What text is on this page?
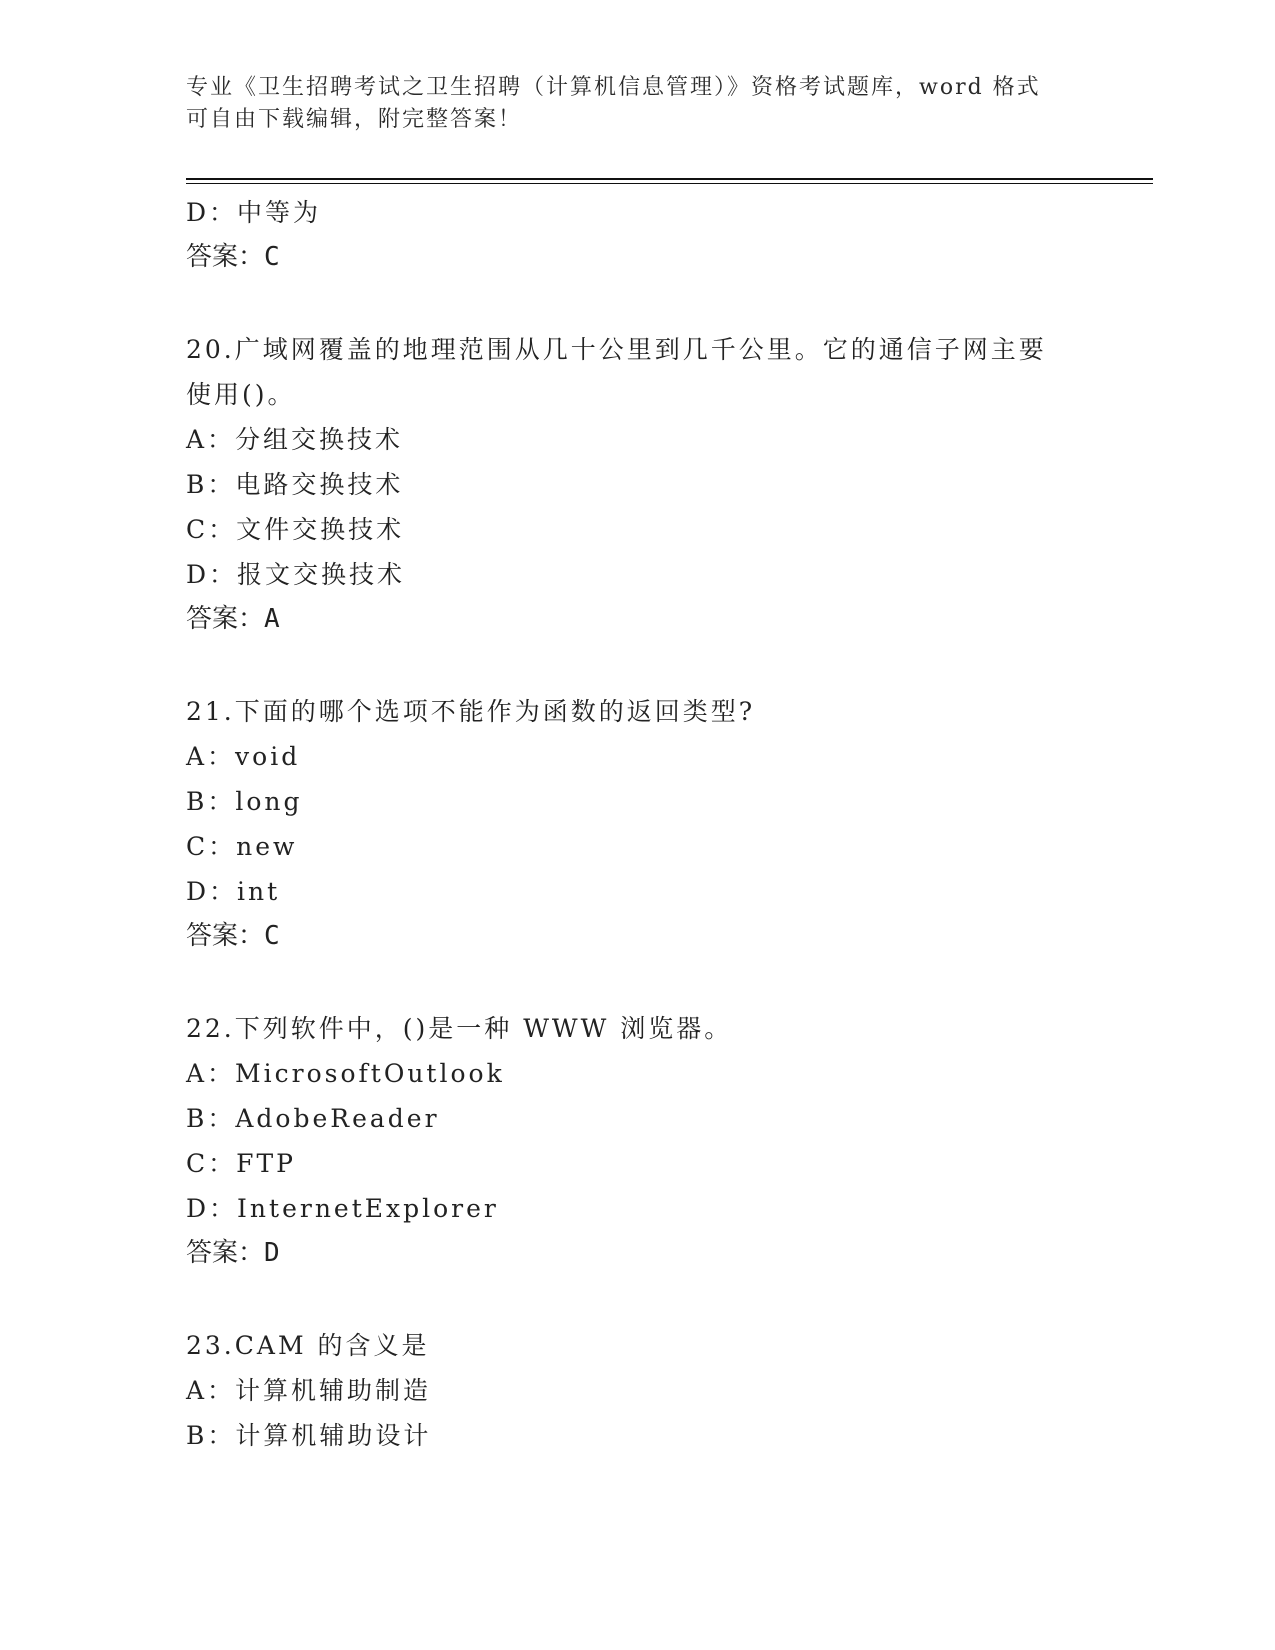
专业《卫生招聘考试之卫生招聘（计算机信息管理）》资格考试题库，word 格式
可自由下载编辑，附完整答案！

D：中等为

答案：C

20.广域网覆盖的地理范围从几十公里到几千公里。它的通信子网主要

使用()。

A：分组交换技术

B：电路交换技术

C：文件交换技术

D：报文交换技术

答案：A

21.下面的哪个选项不能作为函数的返回类型?

A：void

B：long

C：new

D：int

答案：C

22.下列软件中，()是一种 WWW 浏览器。

A：MicrosoftOutlook

B：AdobeReader

C：FTP

D：InternetExplorer

答案：D

23.CAM 的含义是

A：计算机辅助制造

B：计算机辅助设计
